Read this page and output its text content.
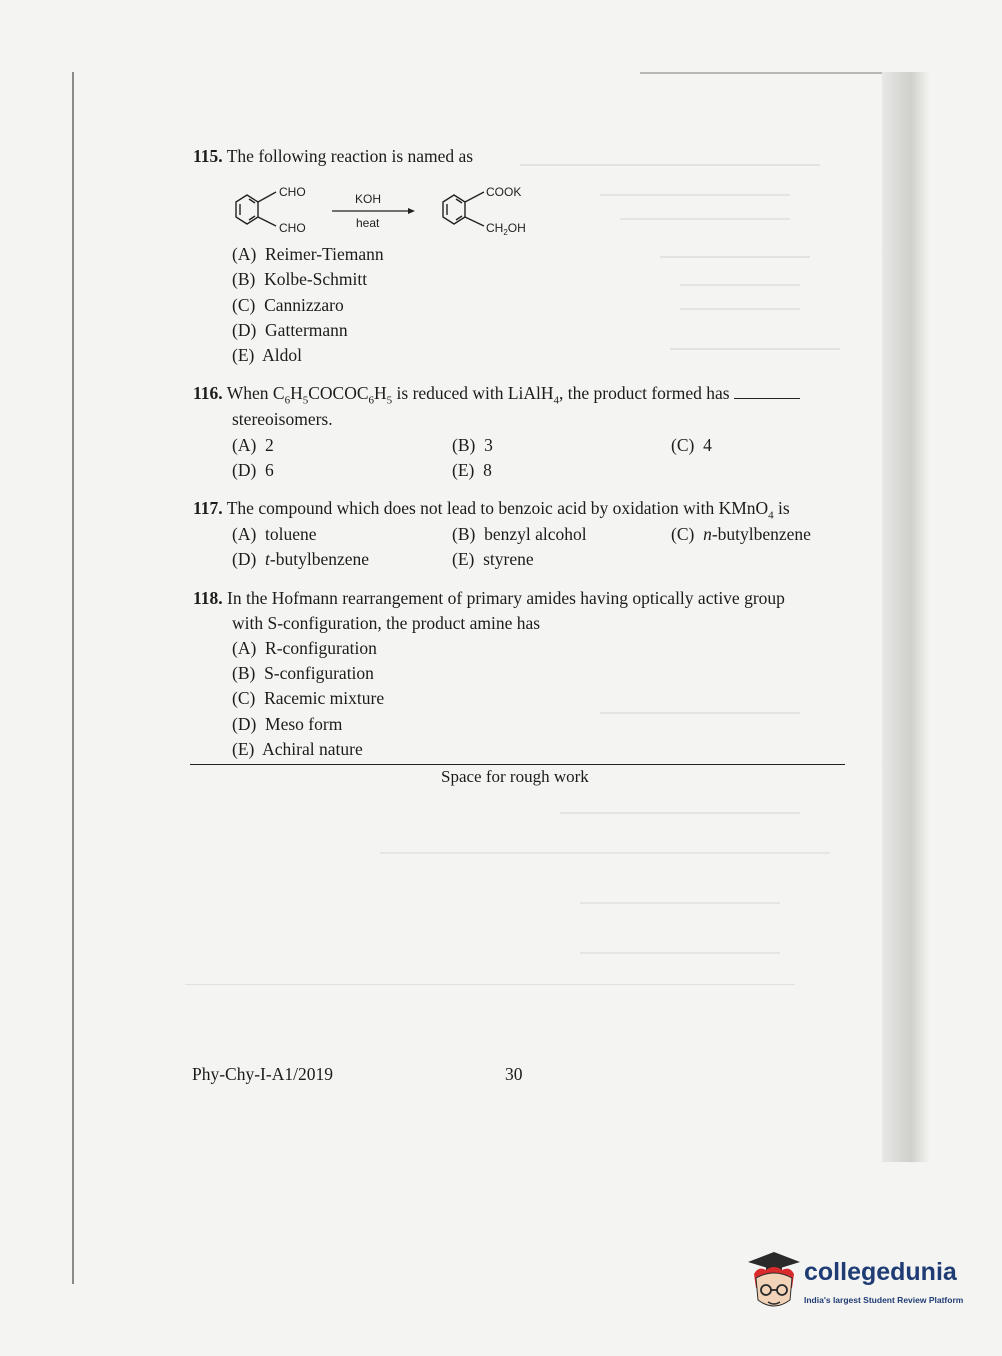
115. The following reaction is named as
CHO
CHO
KOH
heat
COOK
$CH_2OH$
(A) Reimer-Tiemann
(B) Kolbe-Schmitt
(C) Cannizzaro
(D) Gattermann
(E) Aldol
116. When $C_6H_5COCOC_6H_5$ is reduced with LiAlH$_4$, the product formed has
stereoisomers.
(A) 2	(B) 3	(C) 4
(D) 6	(E) 8
117. The compound which does not lead to benzoic acid by oxidation with KMnO$_4$ is
(A) toluene	(B) benzyl alcohol	(C) n-butylbenzene
(D) t-butylbenzene	(E) styrene
118. In the Hofmann rearrangement of primary amides having optically active group
with S-configuration, the product amine has
(A) R-configuration
(B) S-configuration
(C) Racemic mixture
(D) Meso form
(E) Achiral nature
Space for rough work
Phy-Chy-I-A1/2019	30
collegedunia
India's largest Student Review Platform
